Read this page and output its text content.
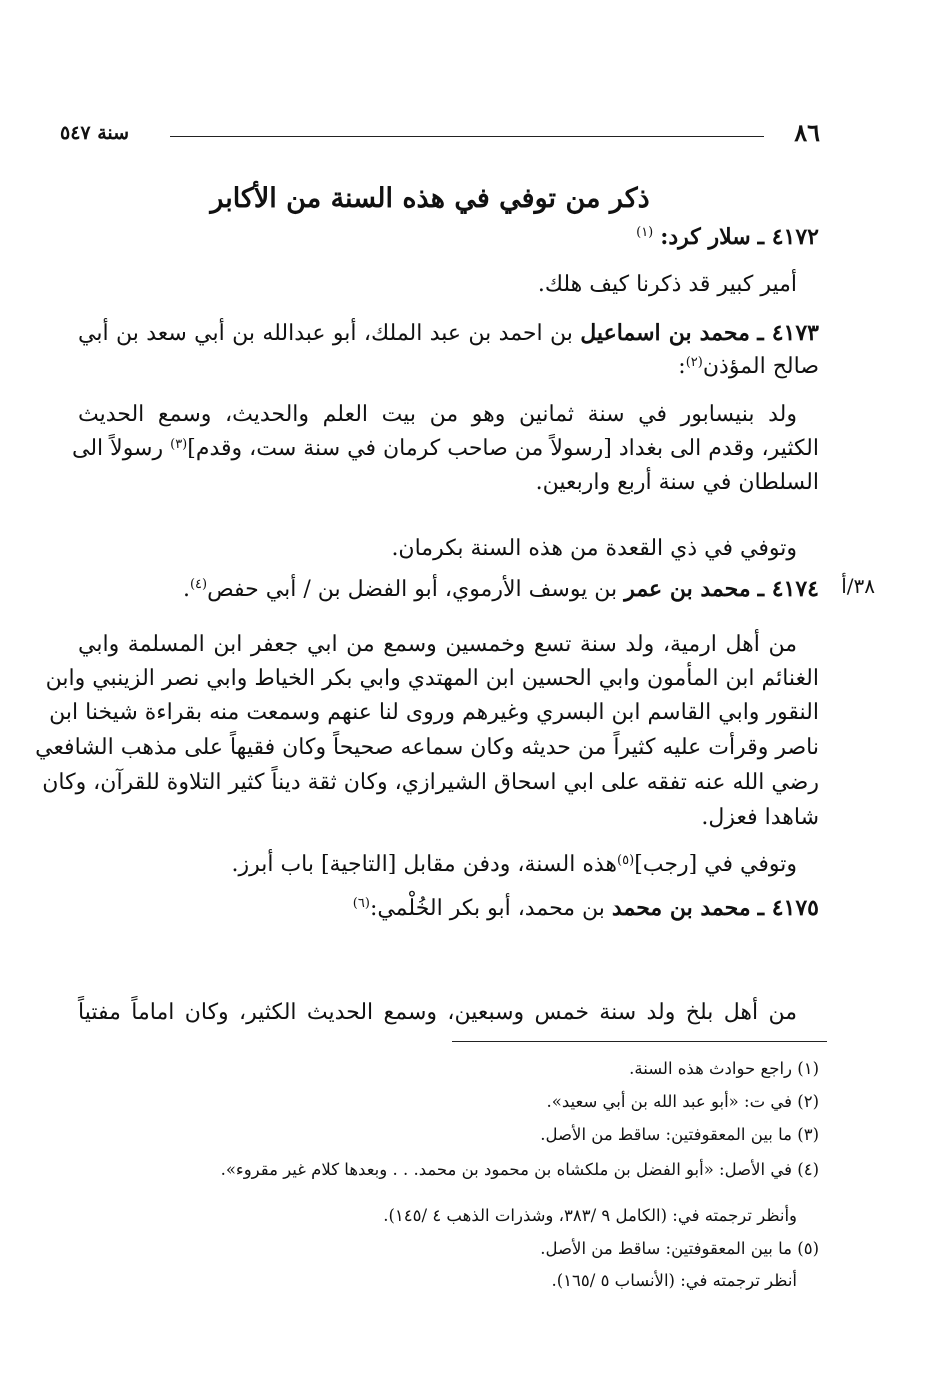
٨٦
سنة ٥٤٧
ذكر من توفي في هذه السنة من الأكابر
٤١٧٢ ـ سلار كرد: $^{(١)}$
أمير كبير قد ذكرنا كيف هلك.
٤١٧٣ ـ محمد بن اسماعيل بن احمد بن عبد الملك، أبو عبدالله بن أبي سعد بن أبي
صالح المؤذن$^{(٢)}$:
ولد بنيسابور في سنة ثمانين وهو من بيت العلم والحديث، وسمع الحديث
الكثير، وقدم الى بغداد [رسولاً من صاحب كرمان في سنة ست، وقدم]$^{(٣)}$ رسولاً الى
السلطان في سنة أربع واربعين.
وتوفي في ذي القعدة من هذه السنة بكرمان.
٣٨/أ
٤١٧٤ ـ محمد بن عمر بن يوسف الأرموي، أبو الفضل بن / أبي حفص$^{(٤)}$.
من أهل ارمية، ولد سنة تسع وخمسين وسمع من ابي جعفر ابن المسلمة وابي
الغنائم ابن المأمون وابي الحسين ابن المهتدي وابي بكر الخياط وابي نصر الزينبي وابن
النقور وابي القاسم ابن البسري وغيرهم وروى لنا عنهم وسمعت منه بقراءة شيخنا ابن
ناصر وقرأت عليه كثيراً من حديثه وكان سماعه صحيحاً وكان فقيهاً على مذهب الشافعي
رضي الله عنه تفقه على ابي اسحاق الشيرازي، وكان ثقة ديناً كثير التلاوة للقرآن، وكان
شاهدا فعزل.
وتوفي في [رجب]$^{(٥)}$هذه السنة، ودفن مقابل [التاجية] باب أبرز.
٤١٧٥ ـ محمد بن محمد بن محمد، أبو بكر الخُلْمي:$^{(٦)}$
من أهل بلخ ولد سنة خمس وسبعين، وسمع الحديث الكثير، وكان اماماً مفتياً
(١) راجع حوادث هذه السنة.
(٢) في ت: «أبو عبد الله بن أبي سعيد».
(٣) ما بين المعقوفتين: ساقط من الأصل.
(٤) في الأصل: «أبو الفضل بن ملكشاه بن محمود بن محمد. . . وبعدها كلام غير مقروء».
وأنظر ترجمته في: (الكامل ٩ /٣٨٣، وشذرات الذهب ٤ /١٤٥).
(٥) ما بين المعقوفتين: ساقط من الأصل.
أنظر ترجمته في: (الأنساب ٥ /١٦٥).
